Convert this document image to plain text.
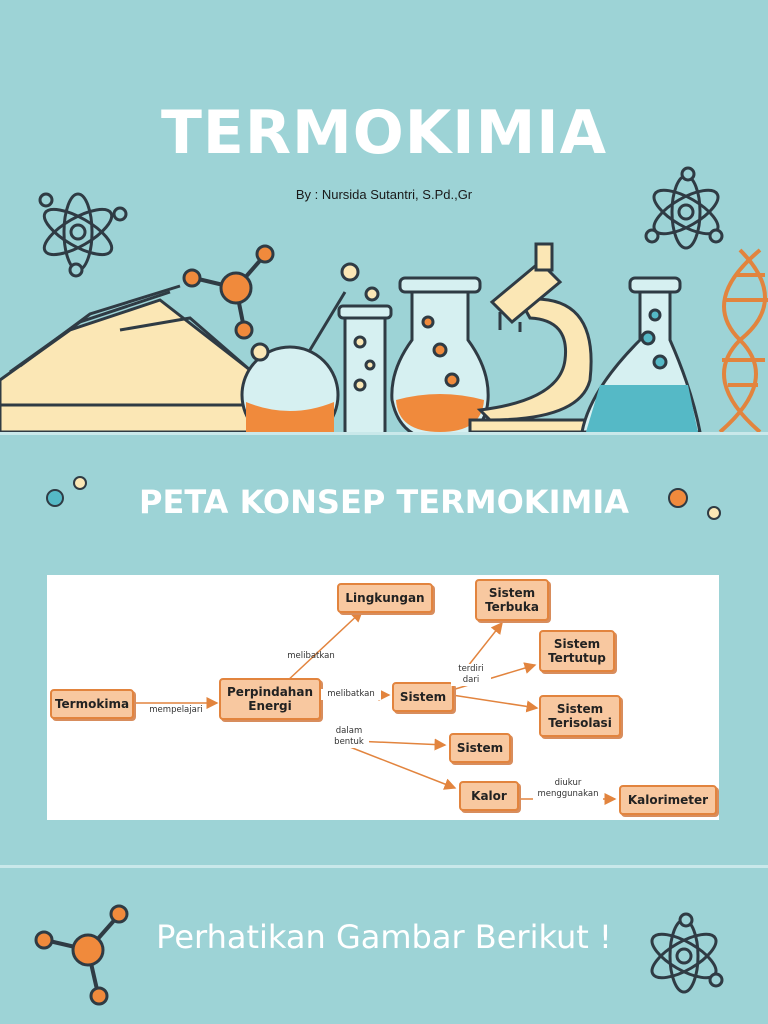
TERMOKIMIA
By : Nursida Sutantri, S.Pd.,Gr
PETA KONSEP TERMOKIMIA
Termokima
Perpindahan
Energi
Lingkungan
Sistem
Sistem
Terbuka
Sistem
Tertutup
Sistem
Terisolasi
Sistem
Kalor	Kalorimeter
mempelajari
melibatkan
melibatkan
terdiri
dari
dalam
bentuk
diukur
menggunakan
Perhatikan Gambar Berikut !
